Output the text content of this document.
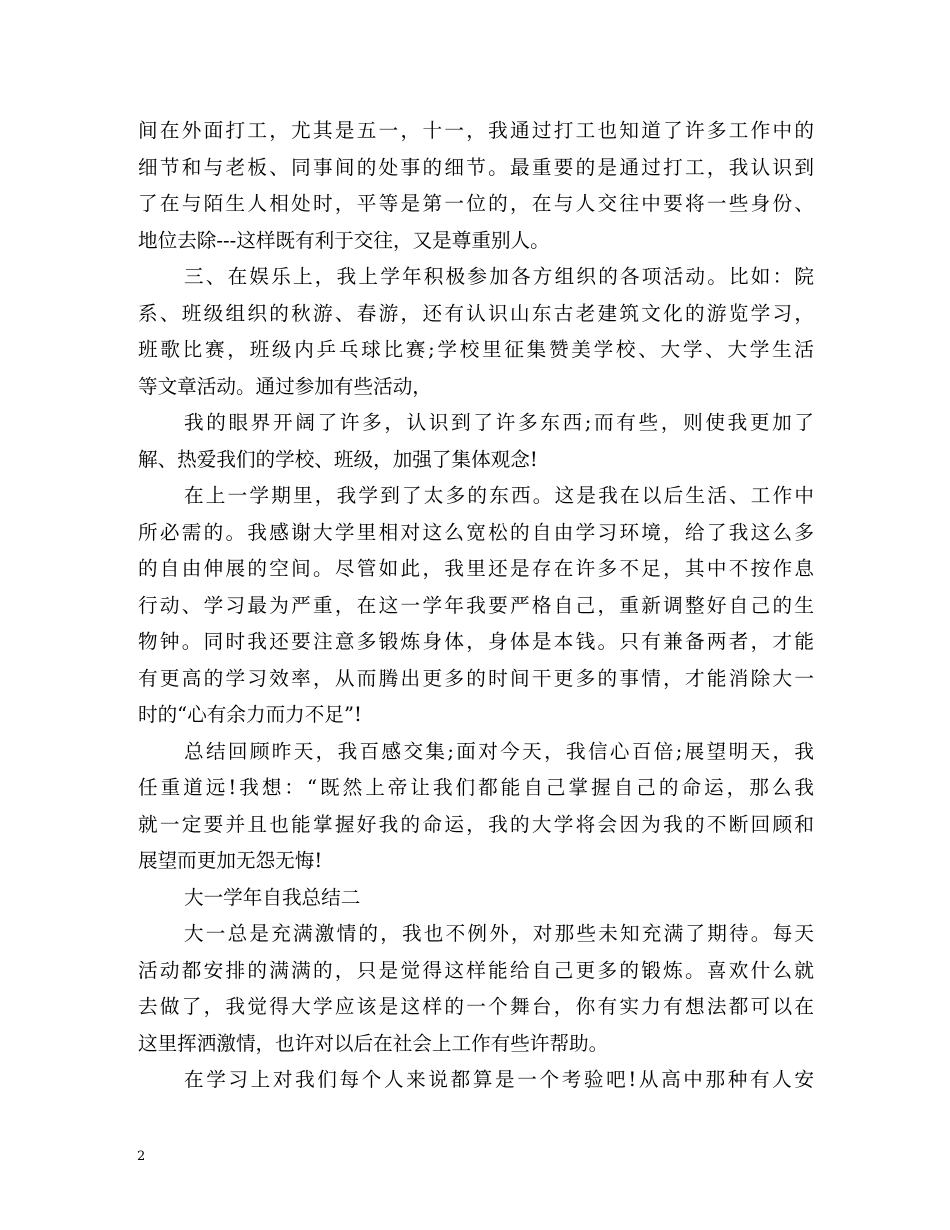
间在外面打工，尤其是五一，十一，我通过打工也知道了许多工作中的
细节和与老板、同事间的处事的细节。最重要的是通过打工，我认识到
了在与陌生人相处时，平等是第一位的，在与人交往中要将一些身份、
地位去除---这样既有利于交往，又是尊重别人。
三、在娱乐上，我上学年积极参加各方组织的各项活动。比如：院
系、班级组织的秋游、春游，还有认识山东古老建筑文化的游览学习，
班歌比赛，班级内乒乓球比赛;学校里征集赞美学校、大学、大学生活
等文章活动。通过参加有些活动，
我的眼界开阔了许多，认识到了许多东西;而有些，则使我更加了
解、热爱我们的学校、班级，加强了集体观念!
在上一学期里，我学到了太多的东西。这是我在以后生活、工作中
所必需的。我感谢大学里相对这么宽松的自由学习环境，给了我这么多
的自由伸展的空间。尽管如此，我里还是存在许多不足，其中不按作息
行动、学习最为严重，在这一学年我要严格自己，重新调整好自己的生
物钟。同时我还要注意多锻炼身体，身体是本钱。只有兼备两者，才能
有更高的学习效率，从而腾出更多的时间干更多的事情，才能消除大一
时的“心有余力而力不足”!
总结回顾昨天，我百感交集;面对今天，我信心百倍;展望明天，我
任重道远!我想：“既然上帝让我们都能自己掌握自己的命运，那么我
就一定要并且也能掌握好我的命运，我的大学将会因为我的不断回顾和
展望而更加无怨无悔!
大一学年自我总结二
大一总是充满激情的，我也不例外，对那些未知充满了期待。每天
活动都安排的满满的，只是觉得这样能给自己更多的锻炼。喜欢什么就
去做了，我觉得大学应该是这样的一个舞台，你有实力有想法都可以在
这里挥洒激情，也许对以后在社会上工作有些许帮助。
在学习上对我们每个人来说都算是一个考验吧!从高中那种有人安
2
